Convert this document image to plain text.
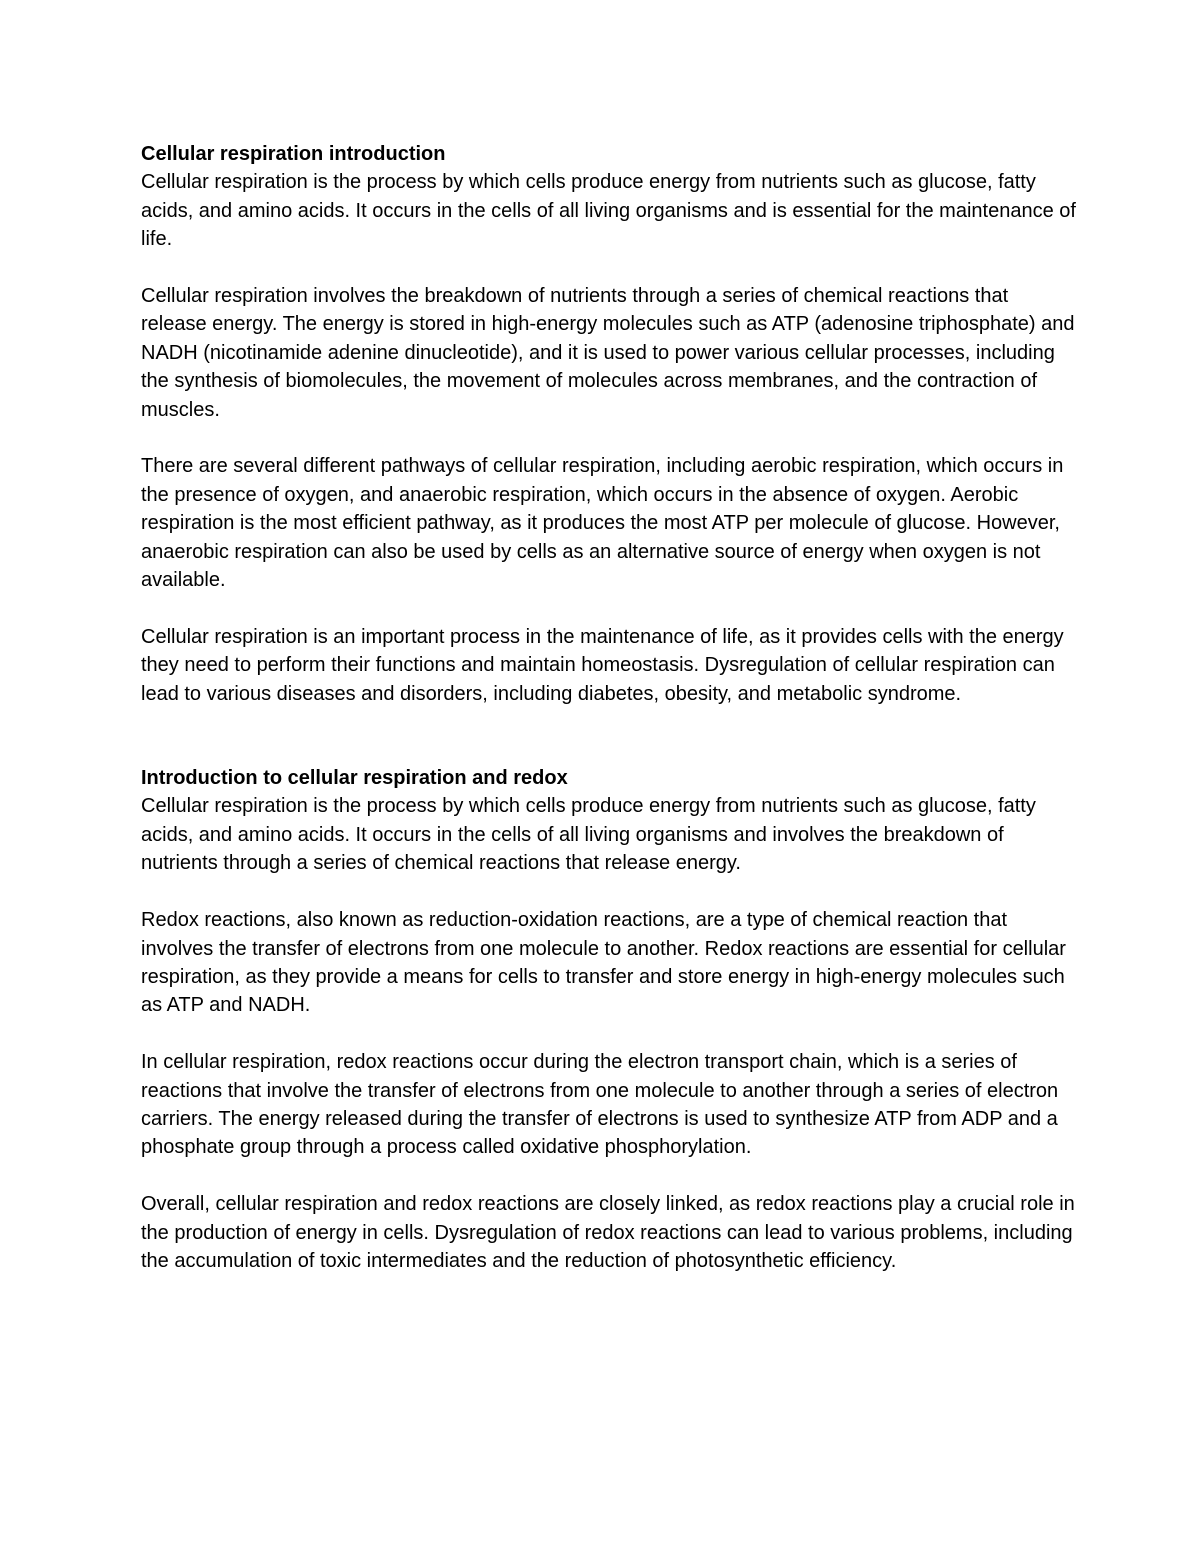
Cellular respiration introduction

Cellular respiration is the process by which cells produce energy from nutrients such as glucose, fatty acids, and amino acids. It occurs in the cells of all living organisms and is essential for the maintenance of life.

Cellular respiration involves the breakdown of nutrients through a series of chemical reactions that release energy. The energy is stored in high-energy molecules such as ATP (adenosine triphosphate) and NADH (nicotinamide adenine dinucleotide), and it is used to power various cellular processes, including the synthesis of biomolecules, the movement of molecules across membranes, and the contraction of muscles.

There are several different pathways of cellular respiration, including aerobic respiration, which occurs in the presence of oxygen, and anaerobic respiration, which occurs in the absence of oxygen. Aerobic respiration is the most efficient pathway, as it produces the most ATP per molecule of glucose. However, anaerobic respiration can also be used by cells as an alternative source of energy when oxygen is not available.

Cellular respiration is an important process in the maintenance of life, as it provides cells with the energy they need to perform their functions and maintain homeostasis. Dysregulation of cellular respiration can lead to various diseases and disorders, including diabetes, obesity, and metabolic syndrome.

Introduction to cellular respiration and redox

Cellular respiration is the process by which cells produce energy from nutrients such as glucose, fatty acids, and amino acids. It occurs in the cells of all living organisms and involves the breakdown of nutrients through a series of chemical reactions that release energy.

Redox reactions, also known as reduction-oxidation reactions, are a type of chemical reaction that involves the transfer of electrons from one molecule to another. Redox reactions are essential for cellular respiration, as they provide a means for cells to transfer and store energy in high-energy molecules such as ATP and NADH.

In cellular respiration, redox reactions occur during the electron transport chain, which is a series of reactions that involve the transfer of electrons from one molecule to another through a series of electron carriers. The energy released during the transfer of electrons is used to synthesize ATP from ADP and a phosphate group through a process called oxidative phosphorylation.

Overall, cellular respiration and redox reactions are closely linked, as redox reactions play a crucial role in the production of energy in cells. Dysregulation of redox reactions can lead to various problems, including the accumulation of toxic intermediates and the reduction of photosynthetic efficiency.
